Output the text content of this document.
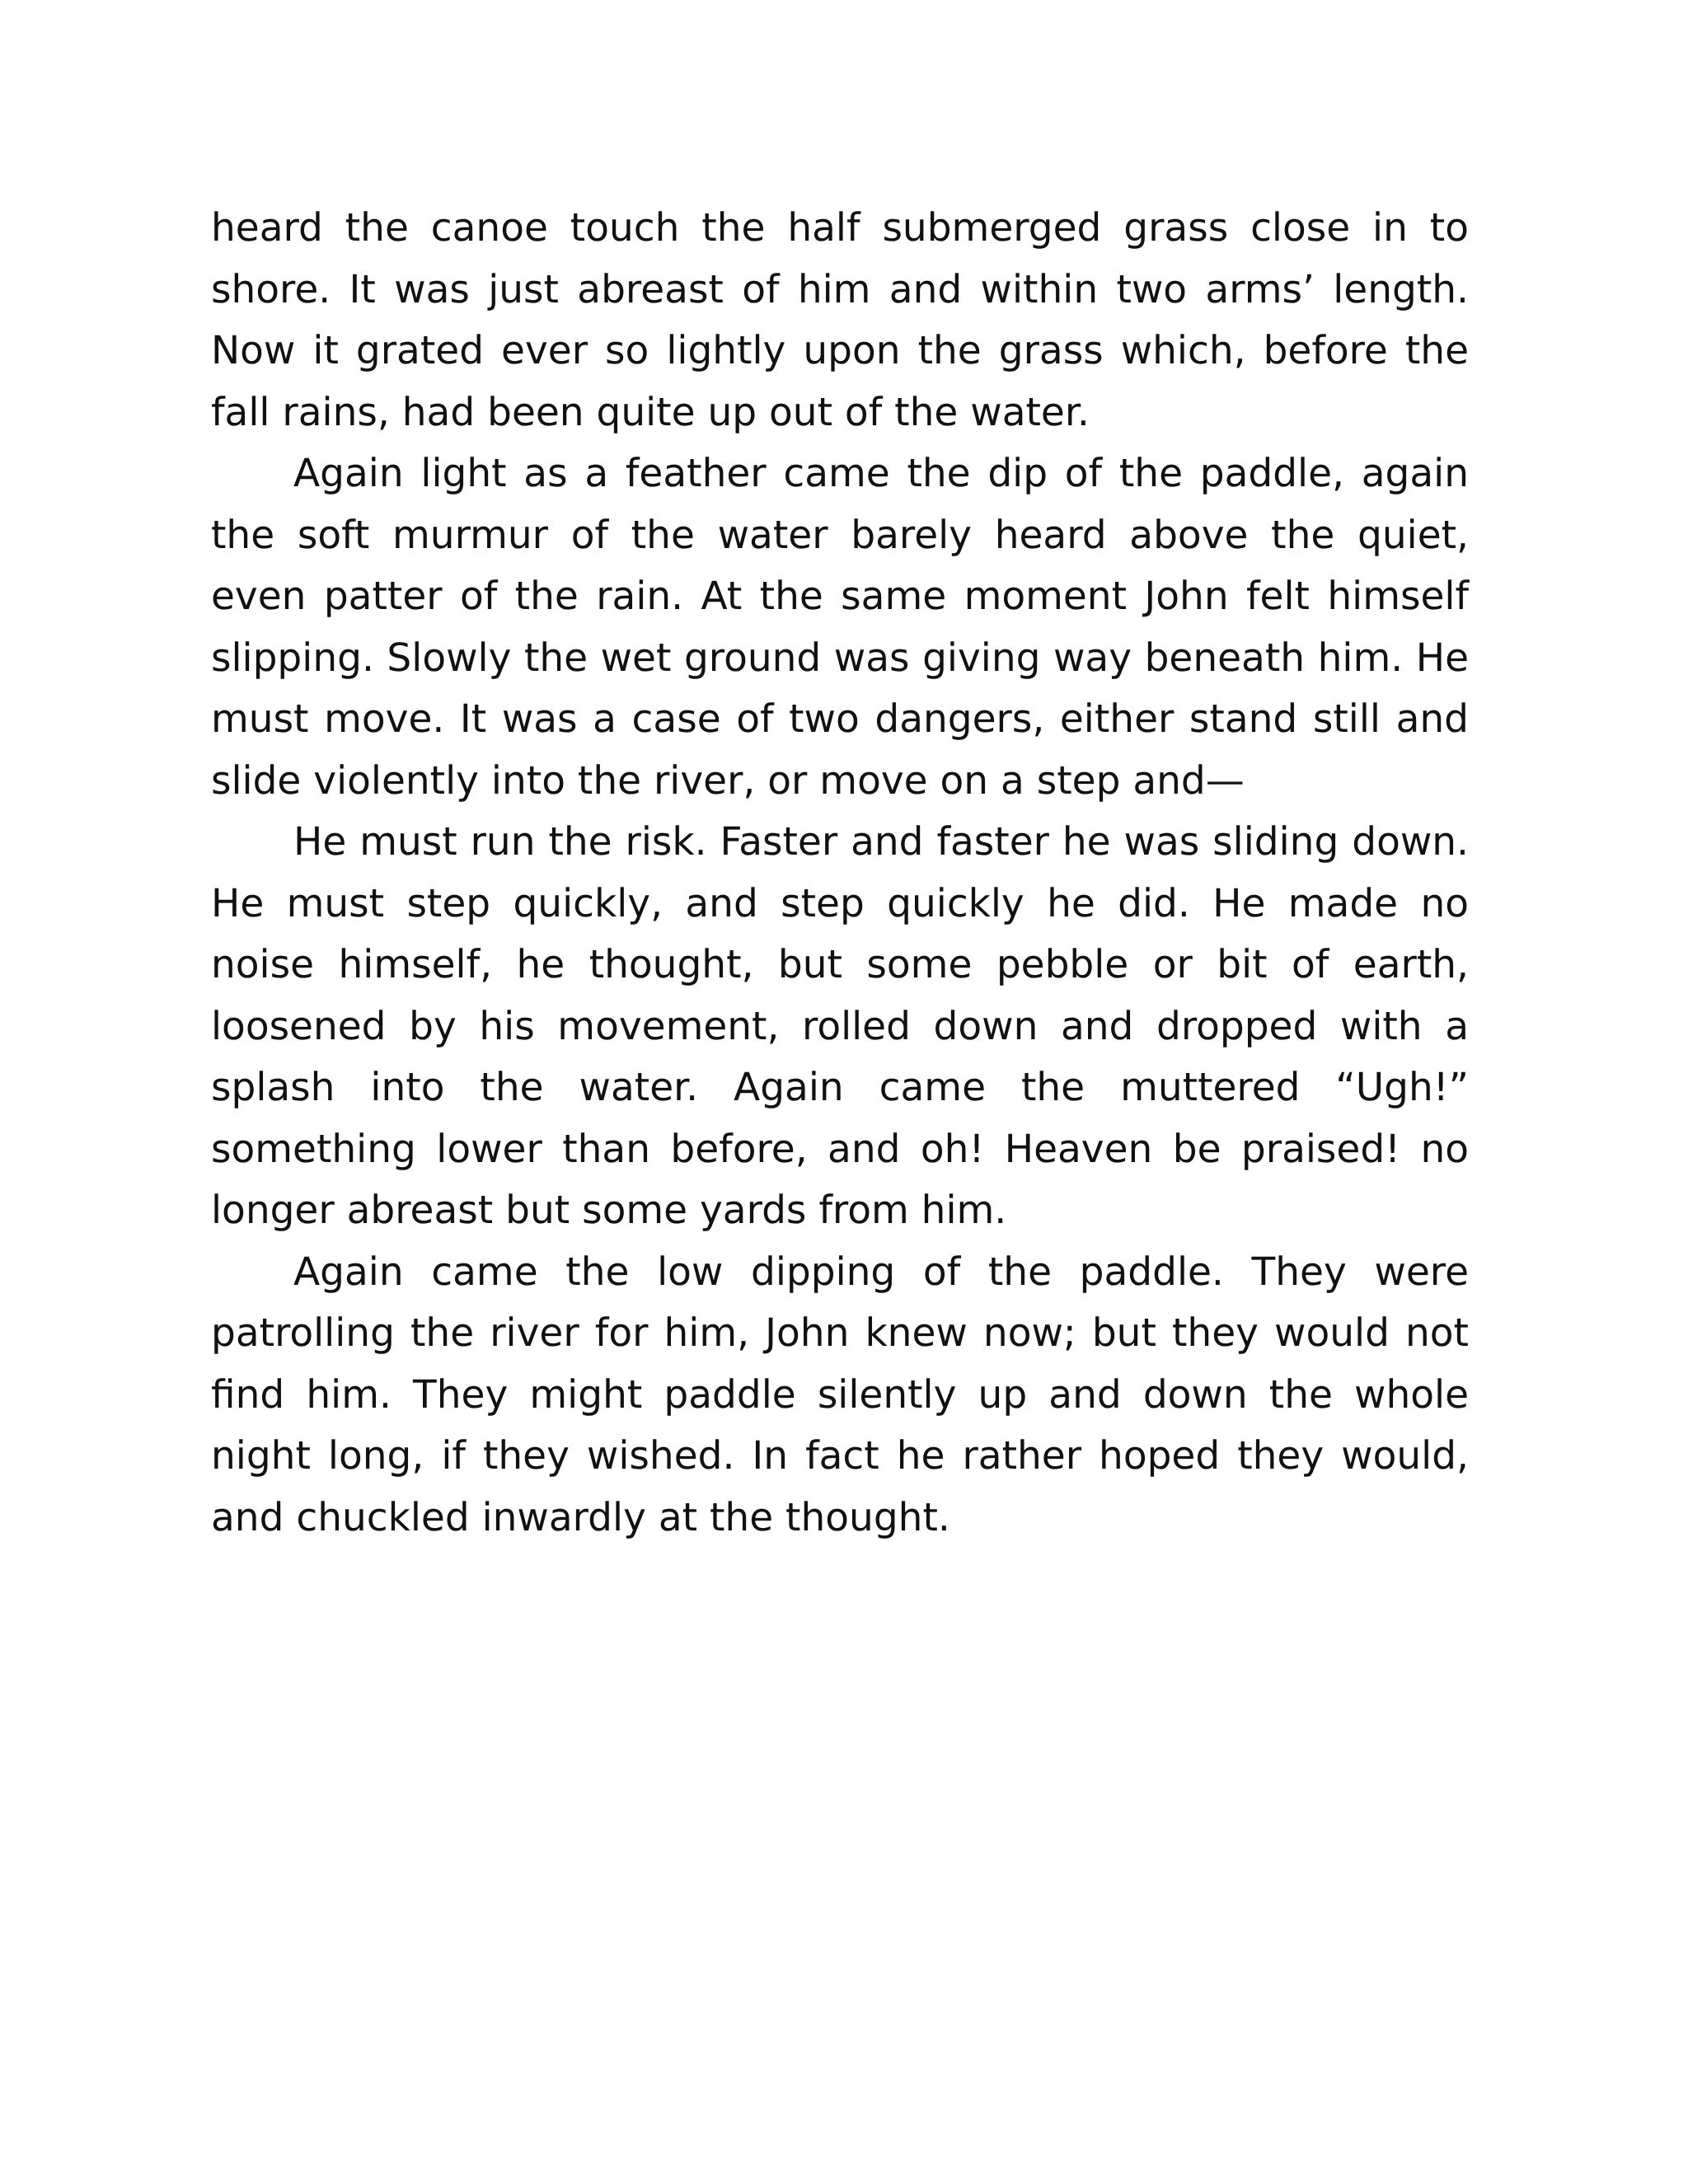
heard the canoe touch the half submerged grass close in to shore. It was just abreast of him and within two arms’ length. Now it grated ever so lightly upon the grass which, before the fall rains, had been quite up out of the water.

Again light as a feather came the dip of the paddle, again the soft murmur of the water barely heard above the quiet, even patter of the rain. At the same moment John felt himself slipping. Slowly the wet ground was giving way beneath him. He must move. It was a case of two dangers, either stand still and slide violently into the river, or move on a step and—

He must run the risk. Faster and faster he was sliding down. He must step quickly, and step quickly he did. He made no noise himself, he thought, but some pebble or bit of earth, loosened by his movement, rolled down and dropped with a splash into the water. Again came the muttered “Ugh!” something lower than before, and oh! Heaven be praised! no longer abreast but some yards from him.

Again came the low dipping of the paddle. They were patrolling the river for him, John knew now; but they would not find him. They might paddle silently up and down the whole night long, if they wished. In fact he rather hoped they would, and chuckled inwardly at the thought.
